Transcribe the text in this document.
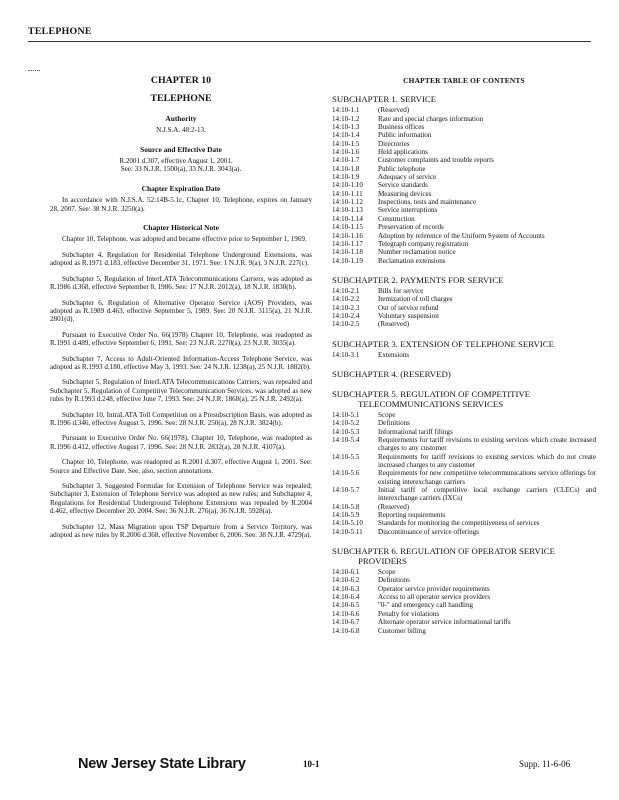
TELEPHONE
CHAPTER 10
TELEPHONE
Authority
N.J.S.A. 48:2-13.
Source and Effective Date
R.2001 d.307, effective August 1, 2001.
See: 33 N.J.R. 1500(a), 33 N.J.R. 3043(a).
Chapter Expiration Date

In accordance with N.J.S.A. 52:14B-5.1c, Chapter 10, Telephone, expires on January 28, 2007. See: 38 N.J.R. 3250(a).

Chapter Historical Note

Chapter 10, Telephone, was adopted and became effective prior to September 1, 1969.

Subchapter 4, Regulation for Residential Telephone Underground Extensions, was adopted as R.1971 d.183, effective December 31, 1971. See: 1 N.J.R. 9(a), 3 N.J.R. 227(c).

Subchapter 5, Regulation of InterLATA Telecommunications Carriers, was adopted as R.1986 d.368, effective September 8, 1986. See: 17 N.J.R. 2012(a), 18 N.J.R. 1830(b).

Subchapter 6, Regulation of Alternative Operator Service (AOS) Providers, was adopted as R.1989 d.463, effective September 5, 1989. See: 20 N.J.R. 3115(a), 21 N.J.R. 2801(d).

Pursuant to Executive Order No. 66(1978) Chapter 10, Telephone, was readopted as R.1991 d.489, effective September 6, 1991. See: 23 N.J.R. 2270(a), 23 N.J.R. 3035(a).

Subchapter 7, Access to Adult-Oriented Information-Access Telephone Service, was adopted as R.1993 d.180, effective May 3, 1993. See: 24 N.J.R. 1238(a), 25 N.J.R. 1882(b).

Subchapter 5, Regulation of InterLATA Telecommunications Carriers, was repealed and Subchapter 5, Regulation of Competitive Telecommunication Services, was adopted as new rules by R.1993 d.248, effective June 7, 1993. See: 24 N.J.R. 1868(a), 25 N.J.R. 2492(a).

Subchapter 10, IntraLATA Toll Competition on a Presubscription Basis, was adopted as R.1996 d.346, effective August 5, 1996. See: 28 N.J.R. 250(a), 28 N.J.R. 3824(b).

Pursuant to Executive Order No. 66(1978), Chapter 10, Telephone, was readopted as R.1996 d.412, effective August 7, 1996. See: 28 N.J.R. 2832(a), 28 N.J.R. 4107(a).

Chapter 10, Telephone, was readopted as R.2001 d.307, effective August 1, 2001. See: Source and Effective Date. See, also, section annotations.

Subchapter 3, Suggested Formulae for Extension of Telephone Service was repealed; Subchapter 3, Extension of Telephone Service was adopted as new rules; and Subchapter 4, Regulations for Residential Underground Telephone Extensions was repealed by R.2004 d.462, effective December 20, 2004. See: 36 N.J.R. 276(a), 36 N.J.R. 5928(a).

Subchapter 12, Mass Migration upon TSP Departure from a Service Territory, was adopted as new rules by R.2006 d.368, effective November 6, 2006. See: 38 N.J.R. 4729(a).

CHAPTER TABLE OF CONTENTS
SUBCHAPTER 1. SERVICE
14:10-1.1	(Reserved)
14:10-1.2	Rate and special charges information
14:10-1.3	Business offices
14:10-1.4	Public information
14:10-1.5	Directories
14:10-1.6	Held applications
14:10-1.7	Customer complaints and trouble reports
14:10-1.8	Public telephone
14:10-1.9	Adequacy of service
14:10-1.10	Service standards
14:10-1.11	Measuring devices
14:10-1.12	Inspections, tests and maintenance
14:10-1.13	Service interruptions
14:10-1.14	Construction
14:10-1.15	Preservation of records
14:10-1.16	Adoption by reference of the Uniform System of Accounts
14:10-1.17	Telegraph company registration
14:10-1.18	Number reclamation notice
14:10-1.19	Reclamation extensions
SUBCHAPTER 2. PAYMENTS FOR SERVICE
14:10-2.1	Bills for service
14:10-2.2	Itemization of toll charges
14:10-2.3	Out of service refund
14:10-2.4	Voluntary suspension
14:10-2.5	(Reserved)
SUBCHAPTER 3. EXTENSION OF TELEPHONE SERVICE
14:10-3.1	Extensions
SUBCHAPTER 4. (RESERVED)
SUBCHAPTER 5. REGULATION OF COMPETITIVE
TELECOMMUNICATIONS SERVICES
14:10-5.1	Scope
14:10-5.2	Definitions
14:10-5.3	Informational tariff filings
14:10-5.4	Requirements for tariff revisions to existing services which create increased charges to any customer
14:10-5.5	Requirements for tariff revisions to existing services which do not create increased charges to any customer
14:10-5.6	Requirements for new competitive telecommunications service offerings for existing interexchange carriers
14:10-5.7	Initial tariff of competitive local exchange carriers (CLECs) and interexchange carriers (IXCs)
14:10-5.8	(Reserved)
14:10-5.9	Reporting requirements
14:10-5.10	Standards for monitoring the competitiveness of services
14:10-5.11	Discontinuance of service offerings
SUBCHAPTER 6. REGULATION OF OPERATOR SERVICE
PROVIDERS
14:10-6.1	Scope
14:10-6.2	Definitions
14:10-6.3	Operator service provider requirements
14:10-6.4	Access to all operator service providers
14:10-6.5	"0-" and emergency call handling
14:10-6.6	Penalty for violations
14:10-6.7	Alternate operator service informational tariffs
14:10-6.8	Customer billing
New Jersey State Library	10-1	Supp. 11-6-06
